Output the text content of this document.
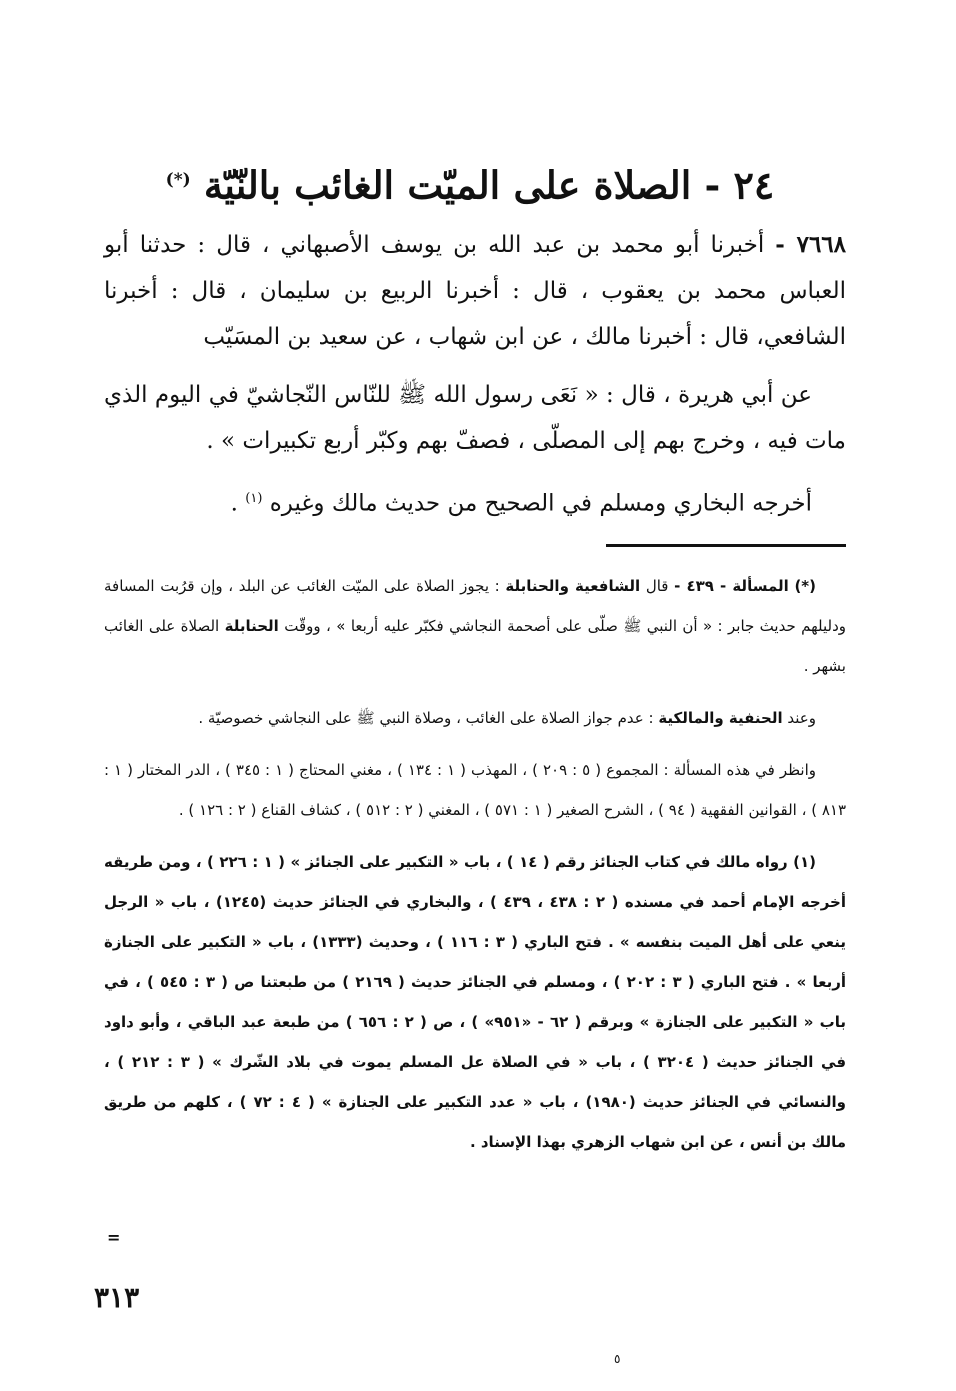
٢٤ - الصلاة على الميّت الغائب بالنّيّة (*)

٧٦٦٨ - أخبرنا أبو محمد بن عبد الله بن يوسف الأصبهاني ، قال : حدثنا أبو العباس محمد بن يعقوب ، قال : أخبرنا الربيع بن سليمان ، قال : أخبرنا الشافعي، قال : أخبرنا مالك ، عن ابن شهاب ، عن سعيد بن المسَيّب

عن أبي هريرة ، قال : « نَعَى رسول الله ﷺ للنّاس النّجاشيّ في اليوم الذي مات فيه ، وخرج بهم إلى المصلّى ، فصفّ بهم وكبّر أربع تكبيرات » .

أخرجه البخاري ومسلم في الصحيح من حديث مالك وغيره $^{(١)}$ .

(*) المسألة - ٤٣٩ - قال الشافعية والحنابلة : يجوز الصلاة على الميّت الغائب عن البلد ، وإن قرُبت المسافة ودليلهم حديث جابر : « أن النبي ﷺ صلّى على أصحمة النجاشي فكبّر عليه أربعا » ، ووقّت الحنابلة الصلاة على الغائب بشهر .

وعند الحنفية والمالكية : عدم جواز الصلاة على الغائب ، وصلاة النبي ﷺ على النجاشي خصوصيّة .

وانظر في هذه المسألة : المجموع ( ٥ : ٢٠٩ ) ، المهذب ( ١ : ١٣٤ ) ، مغني المحتاج ( ١ : ٣٤٥ ) ، الدر المختار ( ١ : ٨١٣ ) ، القوانين الفقهية ( ٩٤ ) ، الشرح الصغير ( ١ : ٥٧١ ) ، المغني ( ٢ : ٥١٢ ) ، كشاف القناع ( ٢ : ١٢٦ ) .

(١) رواه مالك في كتاب الجنائز رقم ( ١٤ ) ، باب « التكبير على الجنائز » ( ١ : ٢٢٦ ) ، ومن طريقه أخرجه الإمام أحمد في مسنده ( ٢ : ٤٣٨ ، ٤٣٩ ) ، والبخاري في الجنائز حديث (١٢٤٥) ، باب « الرجل ينعي على أهل الميت بنفسه » . فتح الباري ( ٣ : ١١٦ ) ، وحديث (١٣٣٣) ، باب « التكبير على الجنازة أربعا » . فتح الباري ( ٣ : ٢٠٢ ) ، ومسلم في الجنائز حديث ( ٢١٦٩ ) من طبعتنا ص ( ٣ : ٥٤٥ ) ، في باب « التكبير على الجنازة » وبرقم ( ٦٢ - «٩٥١» ) ، ص ( ٢ : ٦٥٦ ) من طبعة عبد الباقي ، وأبو داود في الجنائز حديث ( ٣٢٠٤ ) ، باب « في الصلاة عل المسلم يموت في بلاد الشّرك » ( ٣ : ٢١٢ ) ، والنسائي في الجنائز حديث (١٩٨٠) ، باب « عدد التكبير على الجنازة » ( ٤ : ٧٢ ) ، كلهم من طريق مالك بن أنس ، عن ابن شهاب الزهري بهذا الإسناد .

=
٣١٣
٥
